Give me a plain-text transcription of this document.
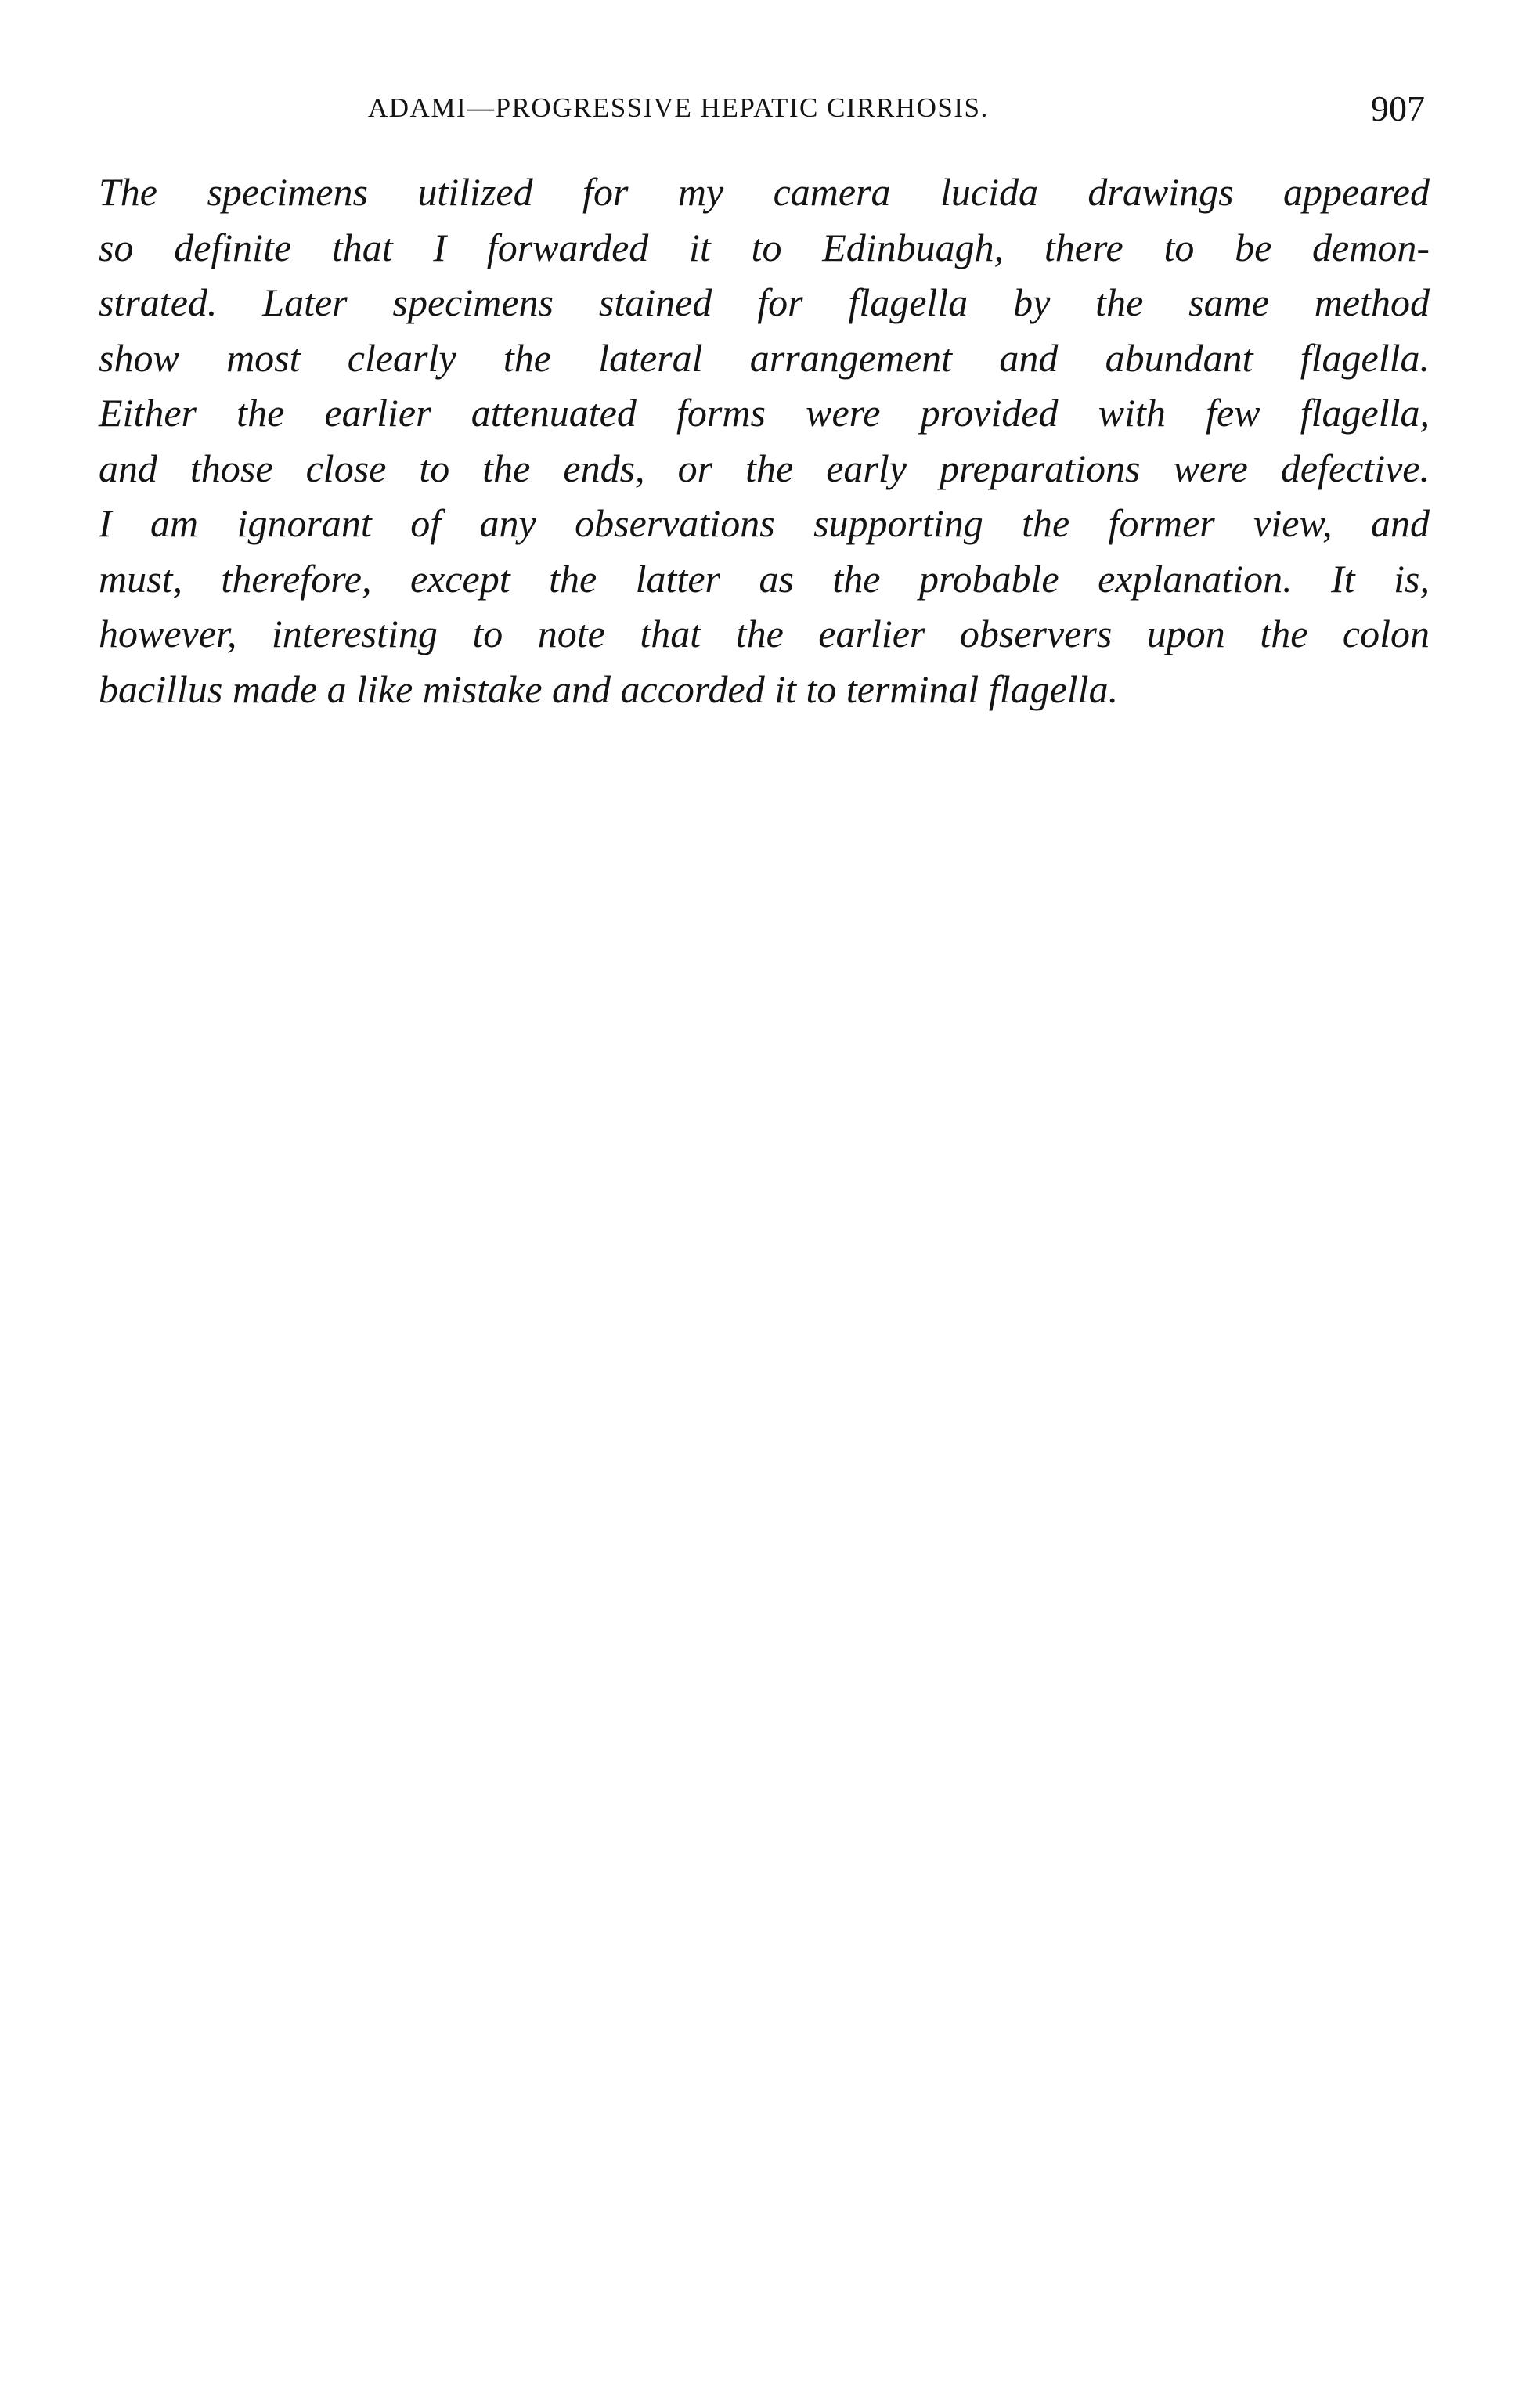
ADAMI—PROGRESSIVE HEPATIC CIRRHOSIS.	907
The specimens utilized for my camera lucida drawings appeared
so definite that I forwarded it to Edinbuagh, there to be demon-
strated. Later specimens stained for flagella by the same method
show most clearly the lateral arrangement and abundant flagella.
Either the earlier attenuated forms were provided with few flagella,
and those close to the ends, or the early preparations were defective.
I am ignorant of any observations supporting the former view, and
must, therefore, except the latter as the probable explanation. It is,
however, interesting to note that the earlier observers upon the colon
bacillus made a like mistake and accorded it to terminal flagella.
